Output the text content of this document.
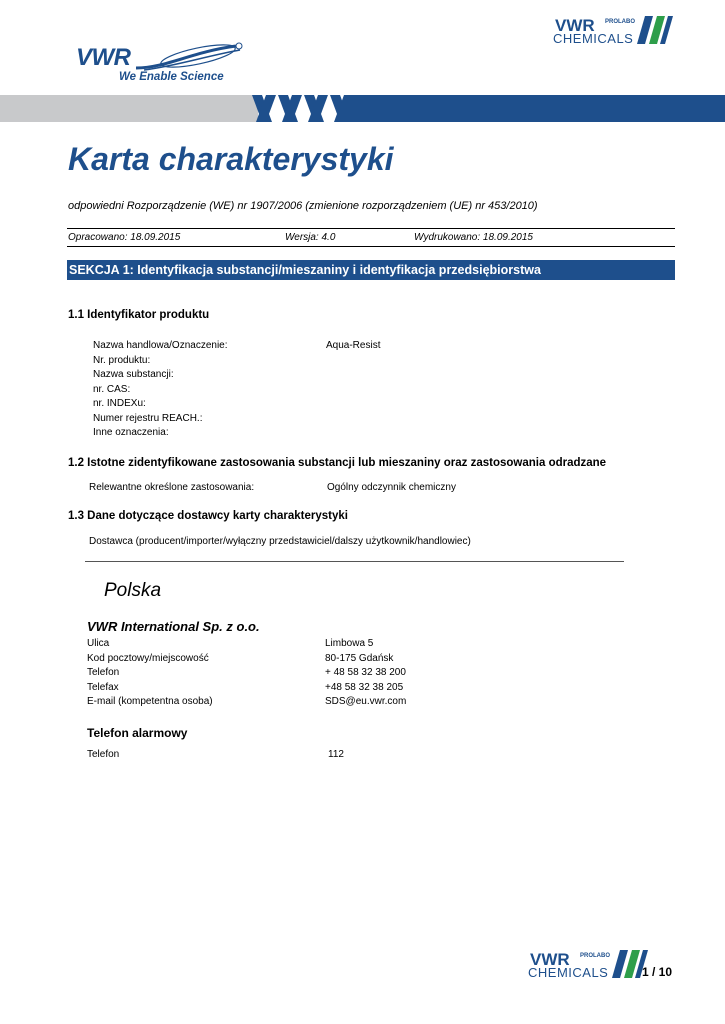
VWR
We Enable Science
VWR PROLABO
CHEMICALS
Karta charakterystyki
odpowiedni Rozporządzenie (WE) nr 1907/2006 (zmienione rozporządzeniem (UE) nr 453/2010)
Opracowano: 18.09.2015	Wersja: 4.0	Wydrukowano: 18.09.2015
SEKCJA 1: Identyfikacja substancji/mieszaniny i identyfikacja przedsiębiorstwa
1.1 Identyfikator produktu
Nazwa handlowa/Oznaczenie:	Aqua-Resist
Nr. produktu:
Nazwa substancji:
nr. CAS:
nr. INDEXu:
Numer rejestru REACH.:
Inne oznaczenia:
1.2 Istotne zidentyfikowane zastosowania substancji lub mieszaniny oraz zastosowania odradzane
Relewantne określone zastosowania:	Ogólny odczynnik chemiczny
1.3 Dane dotyczące dostawcy karty charakterystyki
Dostawca (producent/importer/wyłączny przedstawiciel/dalszy użytkownik/handlowiec)
Polska
VWR International Sp. z o.o.
Ulica	Limbowa 5
Kod pocztowy/miejscowość	80-175 Gdańsk
Telefon	+ 48 58 32 38 200
Telefax	+48 58 32 38 205
E-mail (kompetentna osoba)	SDS@eu.vwr.com
Telefon alarmowy
Telefon	112
VWR PROLABO
CHEMICALS	1 / 10
